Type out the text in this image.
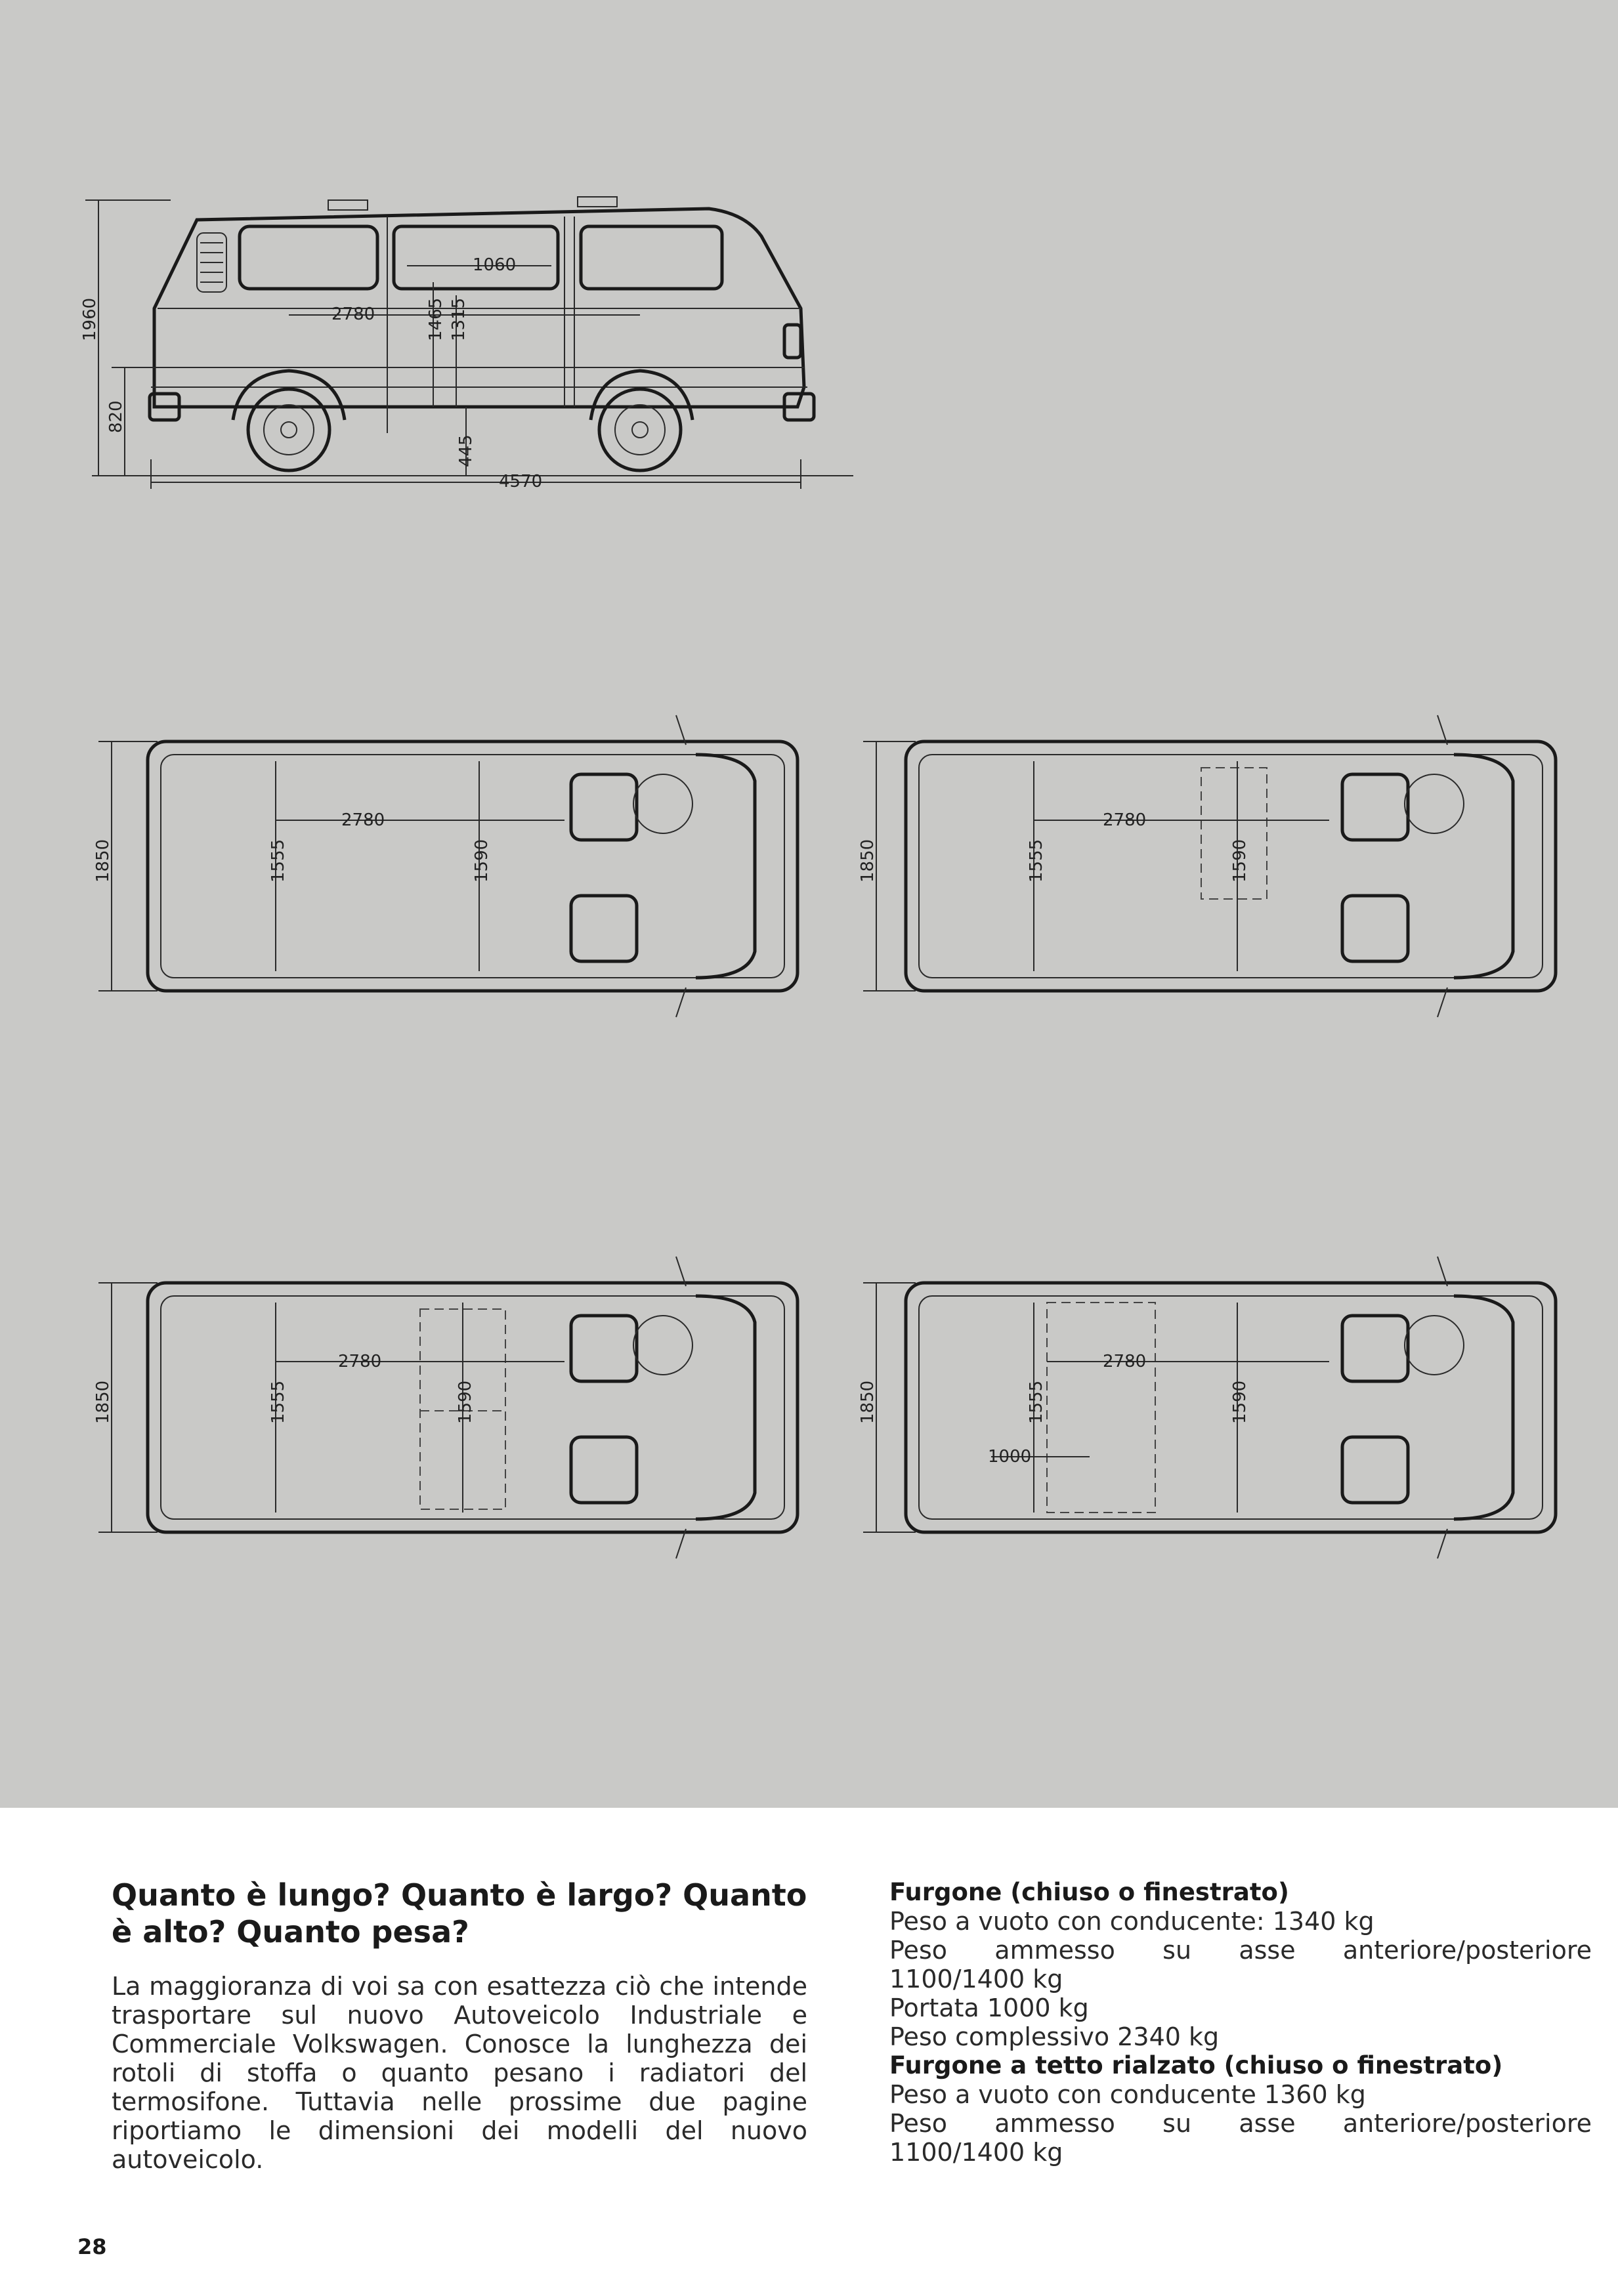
1960
820
2780
1060
1465 1315
445
4570
1850
2780
1555	1590	1850
2780
1555	1590
1850
2780
1555	1590	1850
2780
1555	1590
1000
Quanto è lungo? Quanto è largo? Quanto è alto? Quanto pesa?
La maggioranza di voi sa con esattezza ciò che intende trasportare sul nuovo Autoveicolo Industriale e Commerciale Volkswagen. Conosce la lunghezza dei rotoli di stoffa o quanto pesano i radiatori del termosifone. Tuttavia nelle prossime due pagine riportiamo le dimensioni dei modelli del nuovo autoveicolo.
Furgone (chiuso o finestrato)
Peso a vuoto con conducente: 1340 kg
Peso ammesso su asse anteriore/posteriore
1100/1400 kg
Portata 1000 kg
Peso complessivo 2340 kg
Furgone a tetto rialzato (chiuso o finestrato)
Peso a vuoto con conducente 1360 kg
Peso ammesso su asse anteriore/posteriore
1100/1400 kg
28
